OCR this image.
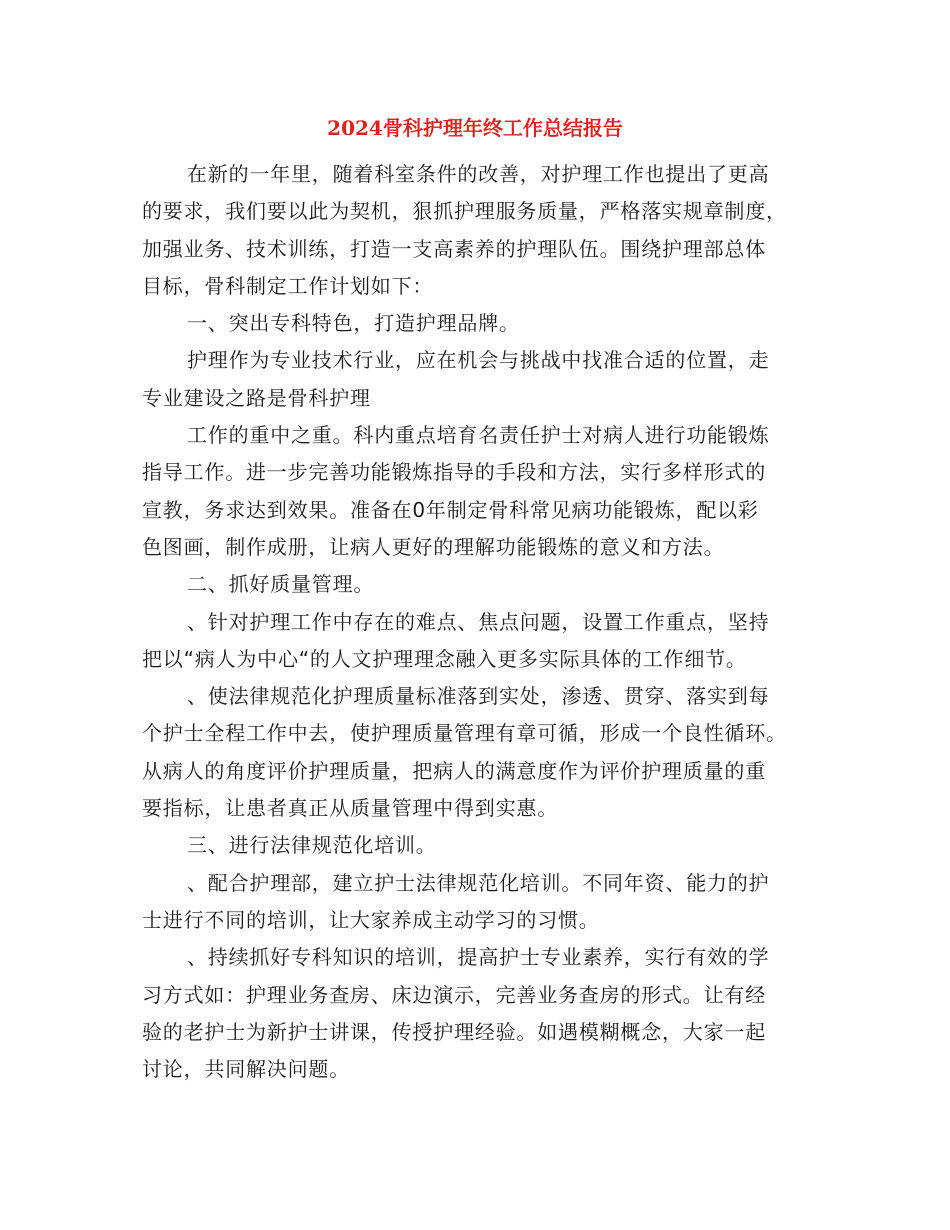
2024骨科护理年终工作总结报告
在新的一年里，随着科室条件的改善，对护理工作也提出了更高
的要求，我们要以此为契机，狠抓护理服务质量，严格落实规章制度，
加强业务、技术训练，打造一支高素养的护理队伍。围绕护理部总体
目标，骨科制定工作计划如下：
一、突出专科特色，打造护理品牌。
护理作为专业技术行业，应在机会与挑战中找准合适的位置，走
专业建设之路是骨科护理
工作的重中之重。科内重点培育名责任护士对病人进行功能锻炼
指导工作。进一步完善功能锻炼指导的手段和方法，实行多样形式的
宣教，务求达到效果。准备在0年制定骨科常见病功能锻炼，配以彩
色图画，制作成册，让病人更好的理解功能锻炼的意义和方法。
二、抓好质量管理。
、针对护理工作中存在的难点、焦点问题，设置工作重点，坚持
把以“病人为中心“的人文护理理念融入更多实际具体的工作细节。
、使法律规范化护理质量标准落到实处，渗透、贯穿、落实到每
个护士全程工作中去，使护理质量管理有章可循，形成一个良性循环。
从病人的角度评价护理质量，把病人的满意度作为评价护理质量的重
要指标，让患者真正从质量管理中得到实惠。
三、进行法律规范化培训。
、配合护理部，建立护士法律规范化培训。不同年资、能力的护
士进行不同的培训，让大家养成主动学习的习惯。
、持续抓好专科知识的培训，提高护士专业素养，实行有效的学
习方式如：护理业务查房、床边演示，完善业务查房的形式。让有经
验的老护士为新护士讲课，传授护理经验。如遇模糊概念，大家一起
讨论，共同解决问题。
